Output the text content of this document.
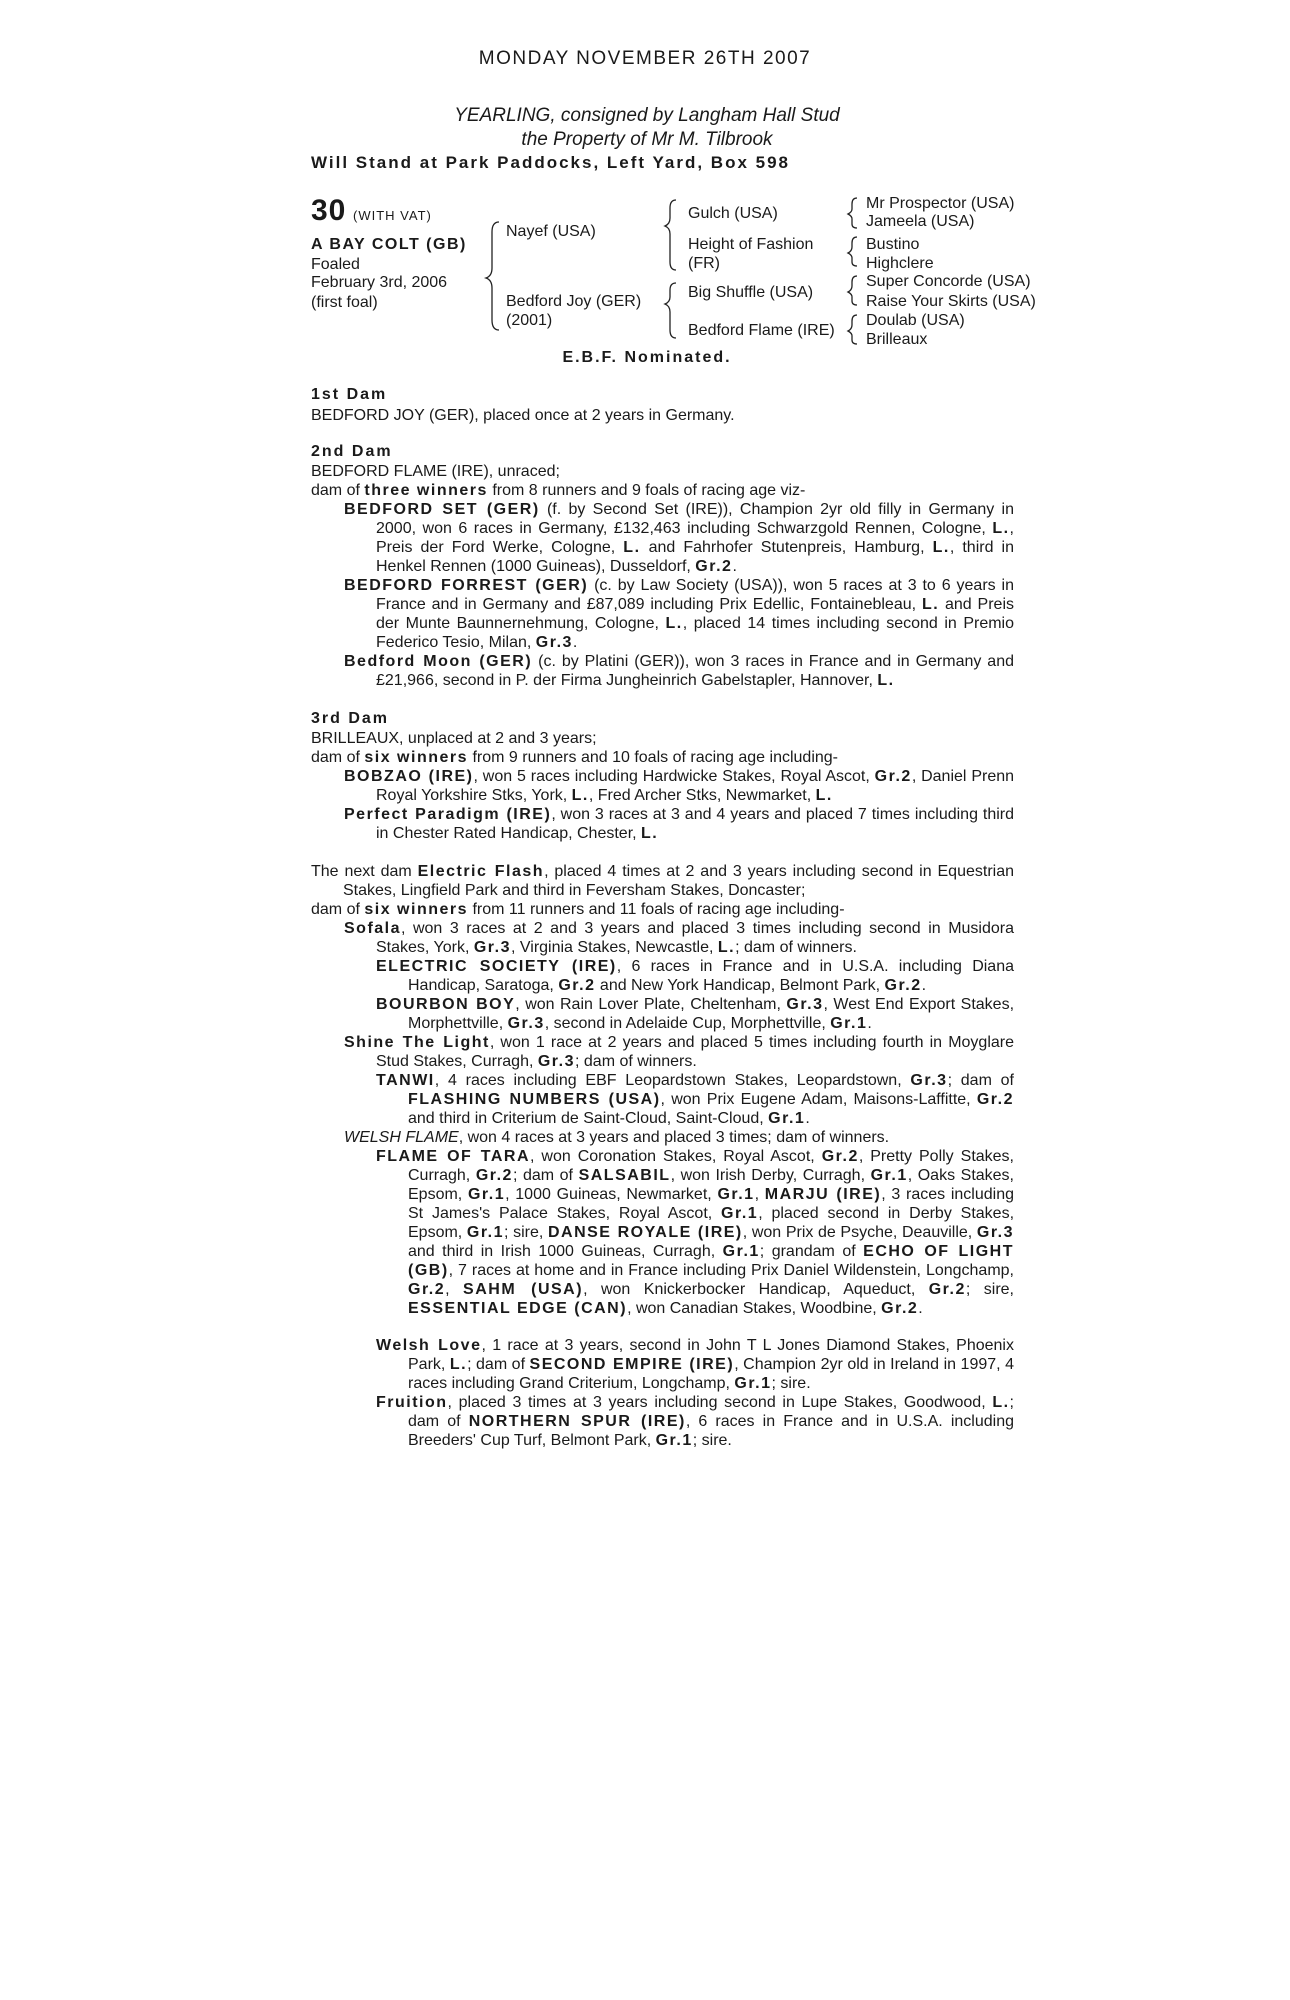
MONDAY NOVEMBER 26TH 2007
YEARLING, consigned by Langham Hall Stud
the Property of Mr M. Tilbrook
Will Stand at Park Paddocks, Left Yard, Box 598
30 (WITH VAT)
A BAY COLT (GB)
Foaled
February 3rd, 2006
(first foal)
Nayef (USA)
Bedford Joy (GER)
(2001)
Gulch (USA)
Height of Fashion
(FR)
Big Shuffle (USA)
Bedford Flame (IRE)
Mr Prospector (USA)
Jameela (USA)
Bustino
Highclere
Super Concorde (USA)
Raise Your Skirts (USA)
Doulab (USA)
Brilleaux
E.B.F. Nominated.
1st Dam
BEDFORD JOY (GER), placed once at 2 years in Germany.
2nd Dam
BEDFORD FLAME (IRE), unraced;
dam of three winners from 8 runners and 9 foals of racing age viz-
BEDFORD SET (GER) (f. by Second Set (IRE)), Champion 2yr old filly in Germany in 2000, won 6 races in Germany, £132,463 including Schwarzgold Rennen, Cologne, L., Preis der Ford Werke, Cologne, L. and Fahrhofer Stutenpreis, Hamburg, L., third in Henkel Rennen (1000 Guineas), Dusseldorf, Gr.2.
BEDFORD FORREST (GER) (c. by Law Society (USA)), won 5 races at 3 to 6 years in France and in Germany and £87,089 including Prix Edellic, Fontainebleau, L. and Preis der Munte Baunnernehmung, Cologne, L., placed 14 times including second in Premio Federico Tesio, Milan, Gr.3.
Bedford Moon (GER) (c. by Platini (GER)), won 3 races in France and in Germany and £21,966, second in P. der Firma Jungheinrich Gabelstapler, Hannover, L.
3rd Dam
BRILLEAUX, unplaced at 2 and 3 years;
dam of six winners from 9 runners and 10 foals of racing age including-
BOBZAO (IRE), won 5 races including Hardwicke Stakes, Royal Ascot, Gr.2, Daniel Prenn Royal Yorkshire Stks, York, L., Fred Archer Stks, Newmarket, L.
Perfect Paradigm (IRE), won 3 races at 3 and 4 years and placed 7 times including third in Chester Rated Handicap, Chester, L.
The next dam Electric Flash, placed 4 times at 2 and 3 years including second in Equestrian Stakes, Lingfield Park and third in Feversham Stakes, Doncaster;
dam of six winners from 11 runners and 11 foals of racing age including-
Sofala, won 3 races at 2 and 3 years and placed 3 times including second in Musidora Stakes, York, Gr.3, Virginia Stakes, Newcastle, L.; dam of winners.
ELECTRIC SOCIETY (IRE), 6 races in France and in U.S.A. including Diana Handicap, Saratoga, Gr.2 and New York Handicap, Belmont Park, Gr.2.
BOURBON BOY, won Rain Lover Plate, Cheltenham, Gr.3, West End Export Stakes, Morphettville, Gr.3, second in Adelaide Cup, Morphettville, Gr.1.
Shine The Light, won 1 race at 2 years and placed 5 times including fourth in Moyglare Stud Stakes, Curragh, Gr.3; dam of winners.
TANWI, 4 races including EBF Leopardstown Stakes, Leopardstown, Gr.3; dam of FLASHING NUMBERS (USA), won Prix Eugene Adam, Maisons-Laffitte, Gr.2 and third in Criterium de Saint-Cloud, Saint-Cloud, Gr.1.
WELSH FLAME, won 4 races at 3 years and placed 3 times; dam of winners.
FLAME OF TARA, won Coronation Stakes, Royal Ascot, Gr.2, Pretty Polly Stakes, Curragh, Gr.2; dam of SALSABIL, won Irish Derby, Curragh, Gr.1, Oaks Stakes, Epsom, Gr.1, 1000 Guineas, Newmarket, Gr.1, MARJU (IRE), 3 races including St James's Palace Stakes, Royal Ascot, Gr.1, placed second in Derby Stakes, Epsom, Gr.1; sire, DANSE ROYALE (IRE), won Prix de Psyche, Deauville, Gr.3 and third in Irish 1000 Guineas, Curragh, Gr.1; grandam of ECHO OF LIGHT (GB), 7 races at home and in France including Prix Daniel Wildenstein, Longchamp, Gr.2, SAHM (USA), won Knickerbocker Handicap, Aqueduct, Gr.2; sire, ESSENTIAL EDGE (CAN), won Canadian Stakes, Woodbine, Gr.2.
Welsh Love, 1 race at 3 years, second in John T L Jones Diamond Stakes, Phoenix Park, L.; dam of SECOND EMPIRE (IRE), Champion 2yr old in Ireland in 1997, 4 races including Grand Criterium, Longchamp, Gr.1; sire.
Fruition, placed 3 times at 3 years including second in Lupe Stakes, Goodwood, L.; dam of NORTHERN SPUR (IRE), 6 races in France and in U.S.A. including Breeders' Cup Turf, Belmont Park, Gr.1; sire.
